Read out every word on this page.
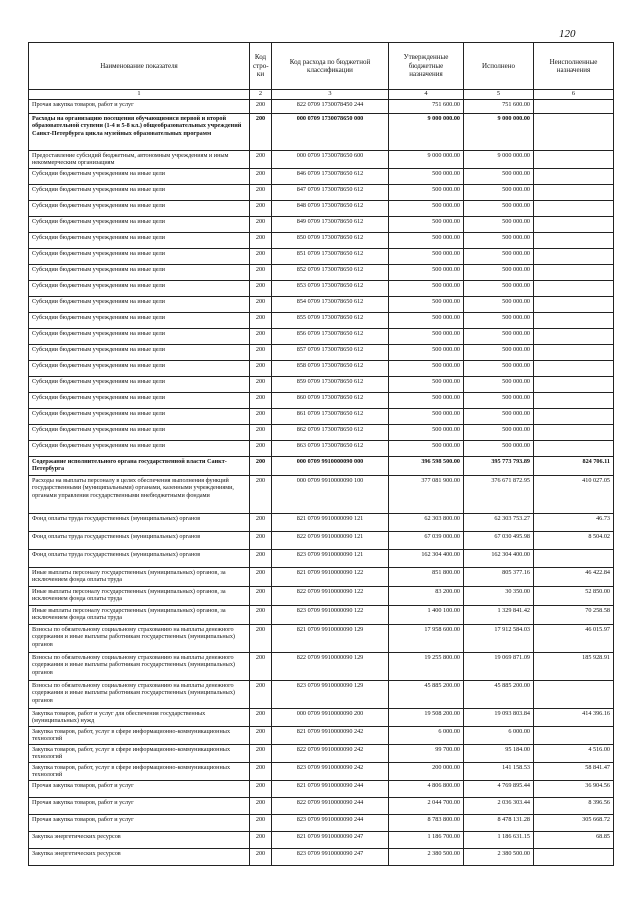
120
Наименование показателя	Код стро- ки	Код расхода по бюджетной классификации	Утвержденные бюджетные назначения	Исполнено	Неисполненные назначения
1	2	3	4	5	6
Прочая закупка товаров, работ и услуг	200	822 0709 1730078450 244	751 600.00	751 600.00	
Расходы на организацию посещения обучающимися первой и второй образовательной ступени (1-4 и 5-8 кл.) общеобразовательных учреждений Санкт-Петербурга цикла музейных образовательных программ	200	000 0709 1730078650 000	9 000 000.00	9 000 000.00	
Предоставление субсидий бюджетным, автономным учреждениям и иным некоммерческим организациям	200	000 0709 1730078650 600	9 000 000.00	9 000 000.00	
Субсидии бюджетным учреждениям на иные цели	200	846 0709 1730078650 612	500 000.00	500 000.00	
Субсидии бюджетным учреждениям на иные цели	200	847 0709 1730078650 612	500 000.00	500 000.00	
Субсидии бюджетным учреждениям на иные цели	200	848 0709 1730078650 612	500 000.00	500 000.00	
Субсидии бюджетным учреждениям на иные цели	200	849 0709 1730078650 612	500 000.00	500 000.00	
Субсидии бюджетным учреждениям на иные цели	200	850 0709 1730078650 612	500 000.00	500 000.00	
Субсидии бюджетным учреждениям на иные цели	200	851 0709 1730078650 612	500 000.00	500 000.00	
Субсидии бюджетным учреждениям на иные цели	200	852 0709 1730078650 612	500 000.00	500 000.00	
Субсидии бюджетным учреждениям на иные цели	200	853 0709 1730078650 612	500 000.00	500 000.00	
Субсидии бюджетным учреждениям на иные цели	200	854 0709 1730078650 612	500 000.00	500 000.00	
Субсидии бюджетным учреждениям на иные цели	200	855 0709 1730078650 612	500 000.00	500 000.00	
Субсидии бюджетным учреждениям на иные цели	200	856 0709 1730078650 612	500 000.00	500 000.00	
Субсидии бюджетным учреждениям на иные цели	200	857 0709 1730078650 612	500 000.00	500 000.00	
Субсидии бюджетным учреждениям на иные цели	200	858 0709 1730078650 612	500 000.00	500 000.00	
Субсидии бюджетным учреждениям на иные цели	200	859 0709 1730078650 612	500 000.00	500 000.00	
Субсидии бюджетным учреждениям на иные цели	200	860 0709 1730078650 612	500 000.00	500 000.00	
Субсидии бюджетным учреждениям на иные цели	200	861 0709 1730078650 612	500 000.00	500 000.00	
Субсидии бюджетным учреждениям на иные цели	200	862 0709 1730078650 612	500 000.00	500 000.00	
Субсидии бюджетным учреждениям на иные цели	200	863 0709 1730078650 612	500 000.00	500 000.00	
Содержание исполнительного органа государственной власти Санкт-Петербурга	200	000 0709 9910000090 000	396 598 500.00	395 773 793.89	824 706.11
Расходы на выплаты персоналу в целях обеспечения выполнения функций государственными (муниципальными) органами, казенными учреждениями, органами управления государственными внебюджетными фондами	200	000 0709 9910000090 100	377 081 900.00	376 671 872.95	410 027.05
Фонд оплаты труда государственных (муниципальных) органов	200	821 0709 9910000090 121	62 303 800.00	62 303 753.27	46.73
Фонд оплаты труда государственных (муниципальных) органов	200	822 0709 9910000090 121	67 039 000.00	67 030 495.98	8 504.02
Фонд оплаты труда государственных (муниципальных) органов	200	823 0709 9910000090 121	162 304 400.00	162 304 400.00	
Иные выплаты персоналу государственных (муниципальных) органов, за исключением фонда оплаты труда	200	821 0709 9910000090 122	851 800.00	805 377.16	46 422.84
Иные выплаты персоналу государственных (муниципальных) органов, за исключением фонда оплаты труда	200	822 0709 9910000090 122	83 200.00	30 350.00	52 850.00
Иные выплаты персоналу государственных (муниципальных) органов, за исключением фонда оплаты труда	200	823 0709 9910000090 122	1 400 100.00	1 329 841.42	70 258.58
Взносы по обязательному социальному страхованию на выплаты денежного содержания и иные выплаты работникам государственных (муниципальных) органов	200	821 0709 9910000090 129	17 958 600.00	17 912 584.03	46 015.97
Взносы по обязательному социальному страхованию на выплаты денежного содержания и иные выплаты работникам государственных (муниципальных) органов	200	822 0709 9910000090 129	19 255 800.00	19 069 871.09	185 928.91
Взносы по обязательному социальному страхованию на выплаты денежного содержания и иные выплаты работникам государственных (муниципальных) органов	200	823 0709 9910000090 129	45 885 200.00	45 885 200.00	
Закупка товаров, работ и услуг для обеспечения государственных (муниципальных) нужд	200	000 0709 9910000090 200	19 508 200.00	19 093 803.84	414 396.16
Закупка товаров, работ, услуг в сфере информационно-коммуникационных технологий	200	821 0709 9910000090 242	6 000.00	6 000.00	
Закупка товаров, работ, услуг в сфере информационно-коммуникационных технологий	200	822 0709 9910000090 242	99 700.00	95 184.00	4 516.00
Закупка товаров, работ, услуг в сфере информационно-коммуникационных технологий	200	823 0709 9910000090 242	200 000.00	141 158.53	58 841.47
Прочая закупка товаров, работ и услуг	200	821 0709 9910000090 244	4 806 800.00	4 769 895.44	36 904.56
Прочая закупка товаров, работ и услуг	200	822 0709 9910000090 244	2 044 700.00	2 036 303.44	8 396.56
Прочая закупка товаров, работ и услуг	200	823 0709 9910000090 244	8 783 800.00	8 478 131.28	305 668.72
Закупка энергетических ресурсов	200	821 0709 9910000090 247	1 186 700.00	1 186 631.15	68.85
Закупка энергетических ресурсов	200	823 0709 9910000090 247	2 380 500.00	2 380 500.00	
